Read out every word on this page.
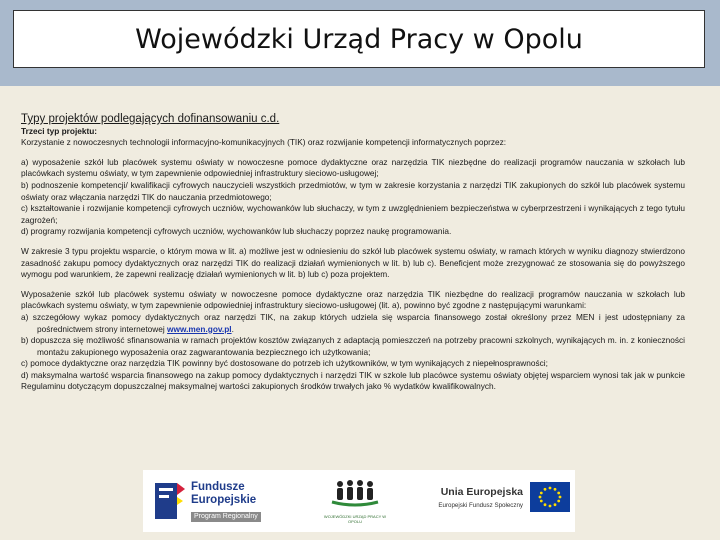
Wojewódzki Urząd Pracy w Opolu

Typy projektów podlegających dofinansowaniu c.d.

Trzeci typ projektu:

Korzystanie z nowoczesnych technologii informacyjno-komunikacyjnych (TIK) oraz rozwijanie kompetencji informatycznych poprzez:

a) wyposażenie szkół lub placówek systemu oświaty w nowoczesne pomoce dydaktyczne oraz narzędzia TIK niezbędne do realizacji programów nauczania w szkołach lub placówkach systemu oświaty, w tym zapewnienie odpowiedniej infrastruktury sieciowo-usługowej;

b) podnoszenie kompetencji/ kwalifikacji cyfrowych nauczycieli wszystkich przedmiotów, w tym w zakresie korzystania z narzędzi TIK zakupionych do szkół lub placówek systemu oświaty oraz włączania narzędzi TIK do nauczania przedmiotowego;

c) kształtowanie i rozwijanie kompetencji cyfrowych uczniów, wychowanków lub słuchaczy, w tym z uwzględnieniem bezpieczeństwa w cyberprzestrzeni i wynikających z tego tytułu zagrożeń;

d) programy rozwijania kompetencji cyfrowych uczniów, wychowanków lub słuchaczy poprzez naukę programowania.

W zakresie 3 typu projektu wsparcie, o którym mowa w lit. a) możliwe jest w odniesieniu do szkół lub placówek systemu oświaty, w ramach których w wyniku diagnozy stwierdzono zasadność zakupu pomocy dydaktycznych oraz narzędzi TIK do realizacji działań wymienionych w lit. b) lub c). Beneficjent może zrezygnować ze stosowania się do powyższego wymogu pod warunkiem, że zapewni realizację działań wymienionych w lit. b) lub c) poza projektem.

Wyposażenie szkół lub placówek systemu oświaty w nowoczesne pomoce dydaktyczne oraz narzędzia TIK niezbędne do realizacji programów nauczania w szkołach lub placówkach systemu oświaty, w tym zapewnienie odpowiedniej infrastruktury sieciowo-usługowej (lit. a), powinno być zgodne z następującymi warunkami:

a) szczegółowy wykaz pomocy dydaktycznych oraz narzędzi TIK, na zakup których udziela się wsparcia finansowego został określony przez MEN i jest udostępniany za pośrednictwem strony internetowej www.men.gov.pl.

b) dopuszcza się możliwość sfinansowania w ramach projektów kosztów związanych z adaptacją pomieszczeń na potrzeby pracowni szkolnych, wynikających m. in. z konieczności montażu zakupionego wyposażenia oraz zagwarantowania bezpiecznego ich użytkowania;

c) pomoce dydaktyczne oraz narzędzia TIK powinny być dostosowane do potrzeb ich użytkowników, w tym wynikających z niepełnosprawności;

d) maksymalna wartość wsparcia finansowego na zakup pomocy dydaktycznych i narzędzi TIK w szkole lub placówce systemu oświaty objętej wsparciem wynosi tak jak w punkcie Regulaminu dotyczącym dopuszczalnej maksymalnej wartości zakupionych środków trwałych jako % wydatków kwalifikowalnych.

Fundusze
Europejskie
Program Regionalny	WOJEWÓDZKI URZĄD PRACY W OPOLU
Unia Europejska
Europejski Fundusz Społeczny
